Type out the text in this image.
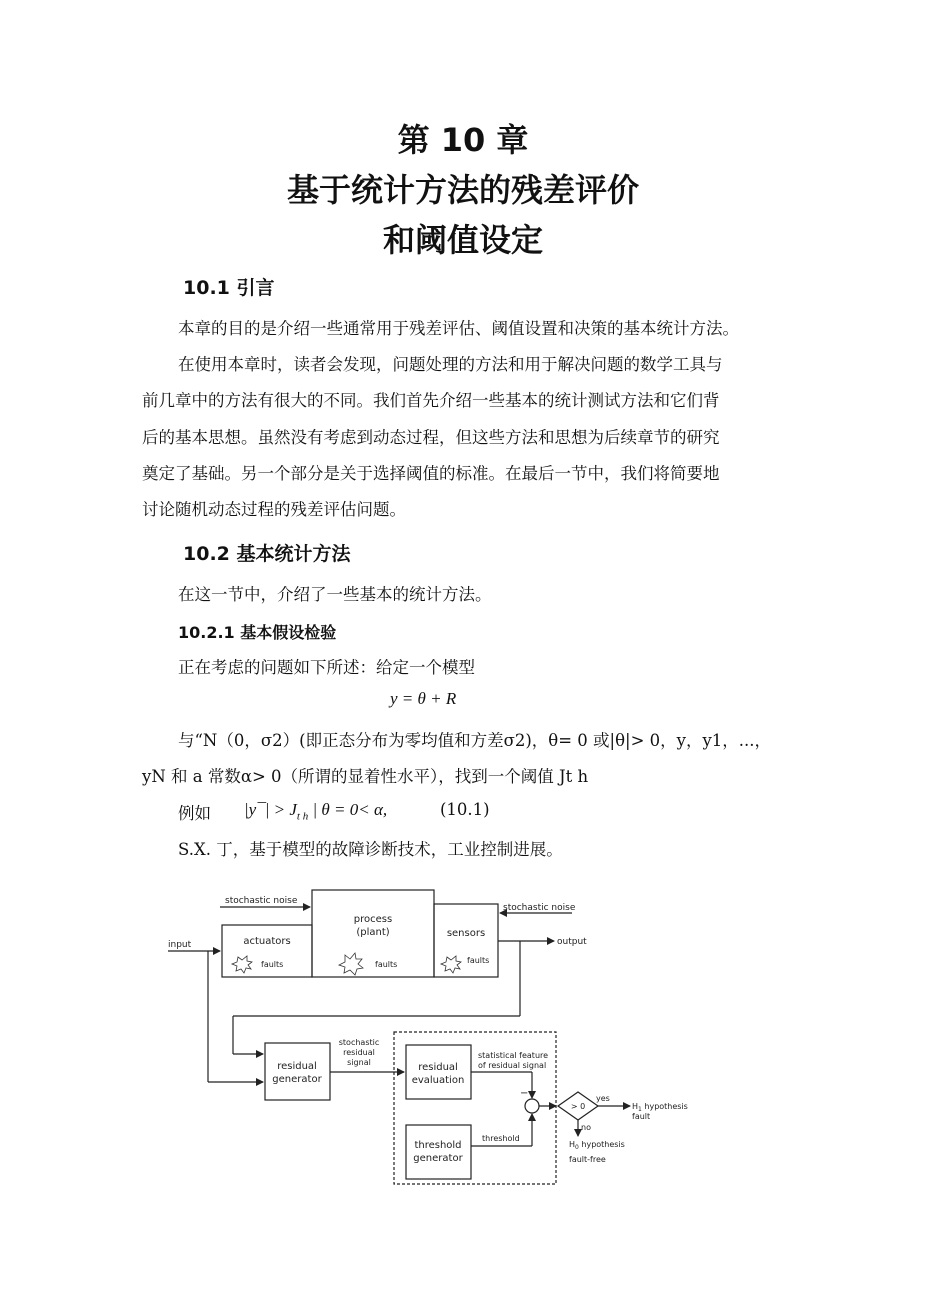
第 10 章
基于统计方法的残差评价
和阈值设定
10.1 引言
本章的目的是介绍一些通常用于残差评估、阈值设置和决策的基本统计方法。
在使用本章时，读者会发现，问题处理的方法和用于解决问题的数学工具与
前几章中的方法有很大的不同。我们首先介绍一些基本的统计测试方法和它们背
后的基本思想。虽然没有考虑到动态过程，但这些方法和思想为后续章节的研究
奠定了基础。另一个部分是关于选择阈值的标准。在最后一节中，我们将简要地
讨论随机动态过程的残差评估问题。
10.2 基本统计方法
在这一节中，介绍了一些基本的统计方法。
10.2.1 基本假设检验
正在考虑的问题如下所述：给定一个模型
y = θ + R
与“N（0，σ2）(即正态分布为零均值和方差σ2)，θ= 0 或|θ|> 0，y，y1，...，
yN 和 a 常数α> 0（所谓的显着性水平），找到一个阈值 Jt h
例如 |y¯| > $J_{t h}$ | θ = 0< α,	(10.1)
S.X. 丁，基于模型的故障诊断技术，工业控制进展。
stochastic noise
stochastic noise
input	output
actuators
process
(plant)	sensors
faults	faults	faults
residual
generator
stochastic
residual
signal	residual
evaluation
statistical feature
of residual signal
threshold
generator
threshold
−
> 0
yes
no
$H_1$ hypothesis
fault
$H_0$ hypothesis
fault-free
